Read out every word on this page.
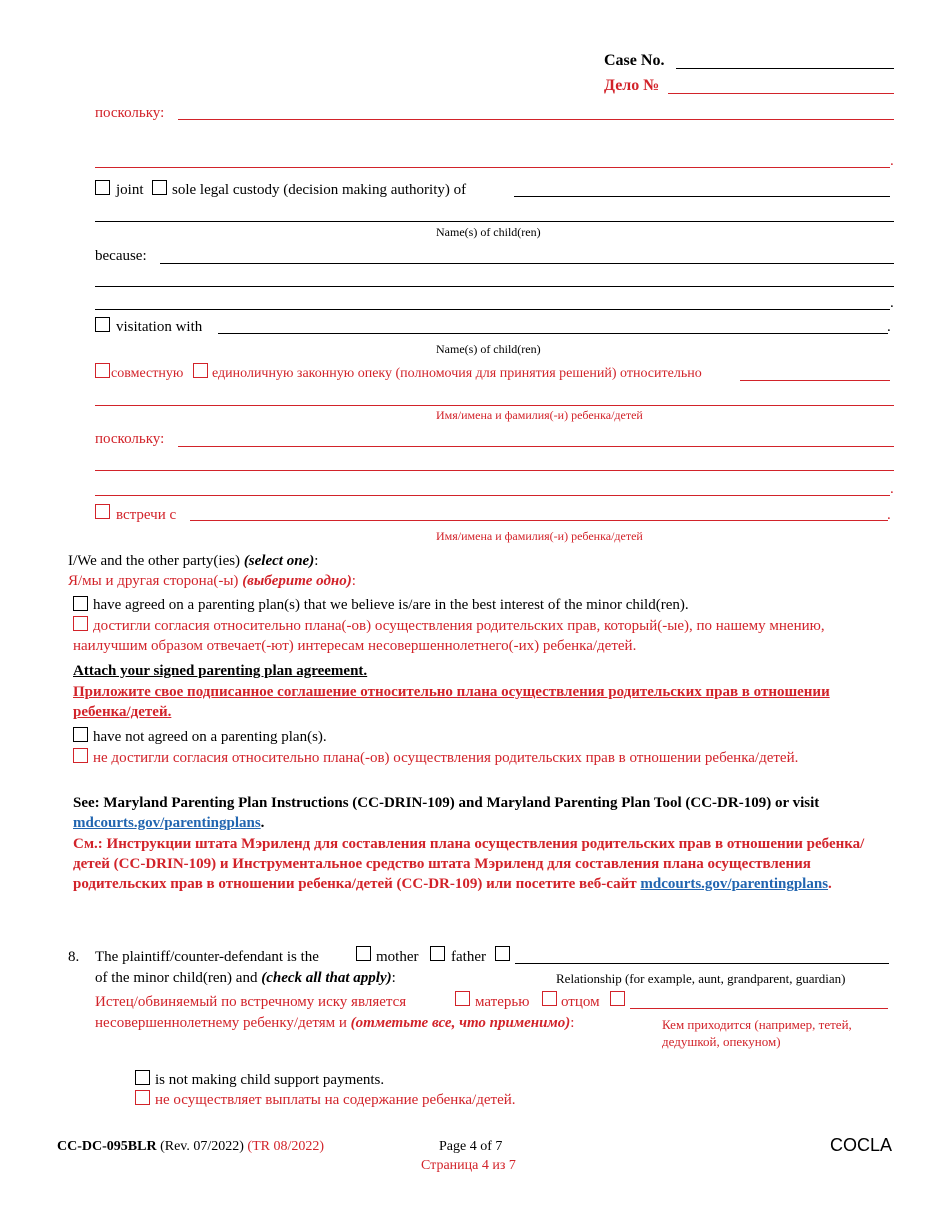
Case No.
Дело №
поскольку:
.
joint sole legal custody (decision making authority) of
Name(s) of child(ren)
because:
.
visitation with	.
Name(s) of child(ren)
совместную единоличную законную опеку (полномочия для принятия решений) относительно
Имя/имена и фамилия(-и) ребенка/детей
поскольку:
.
встречи с	.
Имя/имена и фамилия(-и) ребенка/детей
I/We and the other party(ies) (select one):
Я/мы и другая сторона(-ы) (выберите одно):
have agreed on a parenting plan(s) that we believe is/are in the best interest of the minor child(ren).
достигли согласия относительно плана(-ов) осуществления родительских прав, который(-ые), по нашему мнению, наилучшим образом отвечает(-ют) интересам несовершеннолетнего(-их) ребенка/детей.
Attach your signed parenting plan agreement.
Приложите свое подписанное соглашение относительно плана осуществления родительских прав в отношении ребенка/детей.
have not agreed on a parenting plan(s).
не достигли согласия относительно плана(-ов) осуществления родительских прав в отношении ребенка/детей.
See: Maryland Parenting Plan Instructions (CC-DRIN-109) and Maryland Parenting Plan Tool (CC-DR-109) or visit mdcourts.gov/parentingplans.
См.: Инструкции штата Мэриленд для составления плана осуществления родительских прав в отношении ребенка/детей (CC-DRIN-109) и Инструментальное средство штата Мэриленд для составления плана осуществления родительских прав в отношении ребенка/детей (CC-DR-109) или посетите веб-сайт mdcourts.gov/parentingplans.
8. The plaintiff/counter-defendant is the	mother father
of the minor child(ren) and (check all that apply):	Relationship (for example, aunt, grandparent, guardian)
Истец/обвиняемый по встречному иску является	матерью отцом
несовершеннолетнему ребенку/детям и (отметьте все, что применимо):	Кем приходится (например, тетей, дедушкой, опекуном)
is not making child support payments.
не осуществляет выплаты на содержание ребенка/детей.
CC-DC-095BLR (Rev. 07/2022) (TR 08/2022)	Page 4 of 7
Страница 4 из 7
COCLA
